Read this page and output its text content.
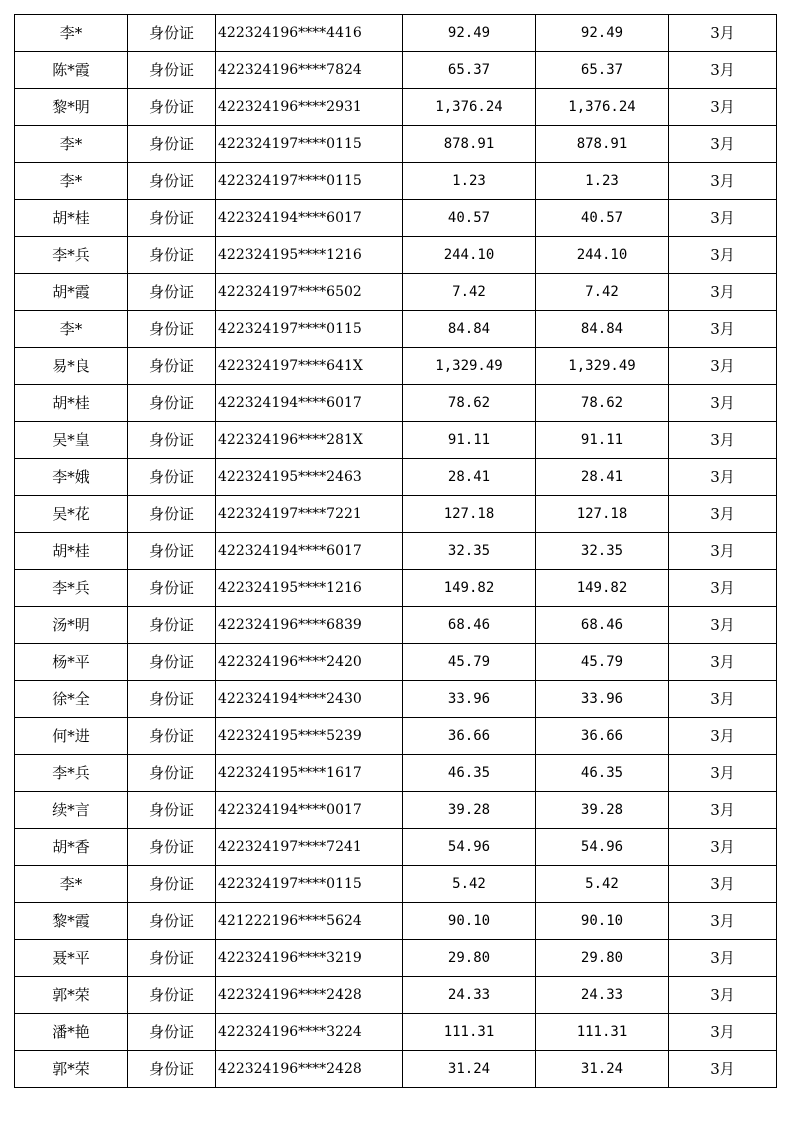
李*	身份证	422324196****4416	92.49	92.49	3月
陈*霞	身份证	422324196****7824	65.37	65.37	3月
黎*明	身份证	422324196****2931	1,376.24	1,376.24	3月
李*	身份证	422324197****0115	878.91	878.91	3月
李*	身份证	422324197****0115	1.23	1.23	3月
胡*桂	身份证	422324194****6017	40.57	40.57	3月
李*兵	身份证	422324195****1216	244.10	244.10	3月
胡*霞	身份证	422324197****6502	7.42	7.42	3月
李*	身份证	422324197****0115	84.84	84.84	3月
易*良	身份证	422324197****641X	1,329.49	1,329.49	3月
胡*桂	身份证	422324194****6017	78.62	78.62	3月
吴*皇	身份证	422324196****281X	91.11	91.11	3月
李*娥	身份证	422324195****2463	28.41	28.41	3月
吴*花	身份证	422324197****7221	127.18	127.18	3月
胡*桂	身份证	422324194****6017	32.35	32.35	3月
李*兵	身份证	422324195****1216	149.82	149.82	3月
汤*明	身份证	422324196****6839	68.46	68.46	3月
杨*平	身份证	422324196****2420	45.79	45.79	3月
徐*全	身份证	422324194****2430	33.96	33.96	3月
何*进	身份证	422324195****5239	36.66	36.66	3月
李*兵	身份证	422324195****1617	46.35	46.35	3月
续*言	身份证	422324194****0017	39.28	39.28	3月
胡*香	身份证	422324197****7241	54.96	54.96	3月
李*	身份证	422324197****0115	5.42	5.42	3月
黎*霞	身份证	421222196****5624	90.10	90.10	3月
聂*平	身份证	422324196****3219	29.80	29.80	3月
郭*荣	身份证	422324196****2428	24.33	24.33	3月
潘*艳	身份证	422324196****3224	111.31	111.31	3月
郭*荣	身份证	422324196****2428	31.24	31.24	3月
